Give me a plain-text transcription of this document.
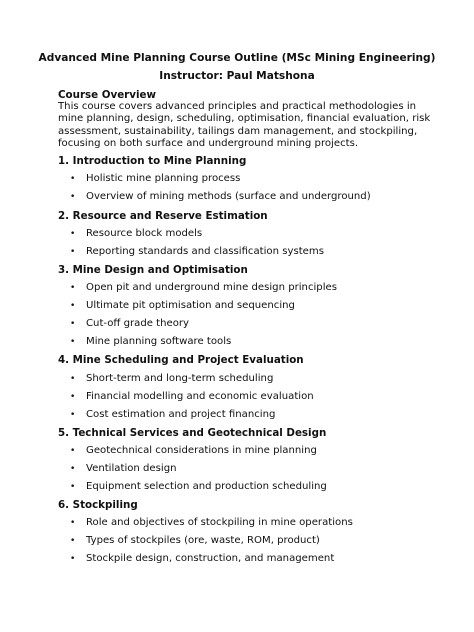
Advanced Mine Planning Course Outline (MSc Mining Engineering)
Instructor: Paul Matshona
Course Overview
This course covers advanced principles and practical methodologies in
mine planning, design, scheduling, optimisation, financial evaluation, risk
assessment, sustainability, tailings dam management, and stockpiling,
focusing on both surface and underground mining projects.
1. Introduction to Mine Planning
• Holistic mine planning process
• Overview of mining methods (surface and underground)
2. Resource and Reserve Estimation
• Resource block models
• Reporting standards and classification systems
3. Mine Design and Optimisation
• Open pit and underground mine design principles
• Ultimate pit optimisation and sequencing
• Cut-off grade theory
• Mine planning software tools
4. Mine Scheduling and Project Evaluation
• Short-term and long-term scheduling
• Financial modelling and economic evaluation
• Cost estimation and project financing
5. Technical Services and Geotechnical Design
• Geotechnical considerations in mine planning
• Ventilation design
• Equipment selection and production scheduling
6. Stockpiling
• Role and objectives of stockpiling in mine operations
• Types of stockpiles (ore, waste, ROM, product)
• Stockpile design, construction, and management
